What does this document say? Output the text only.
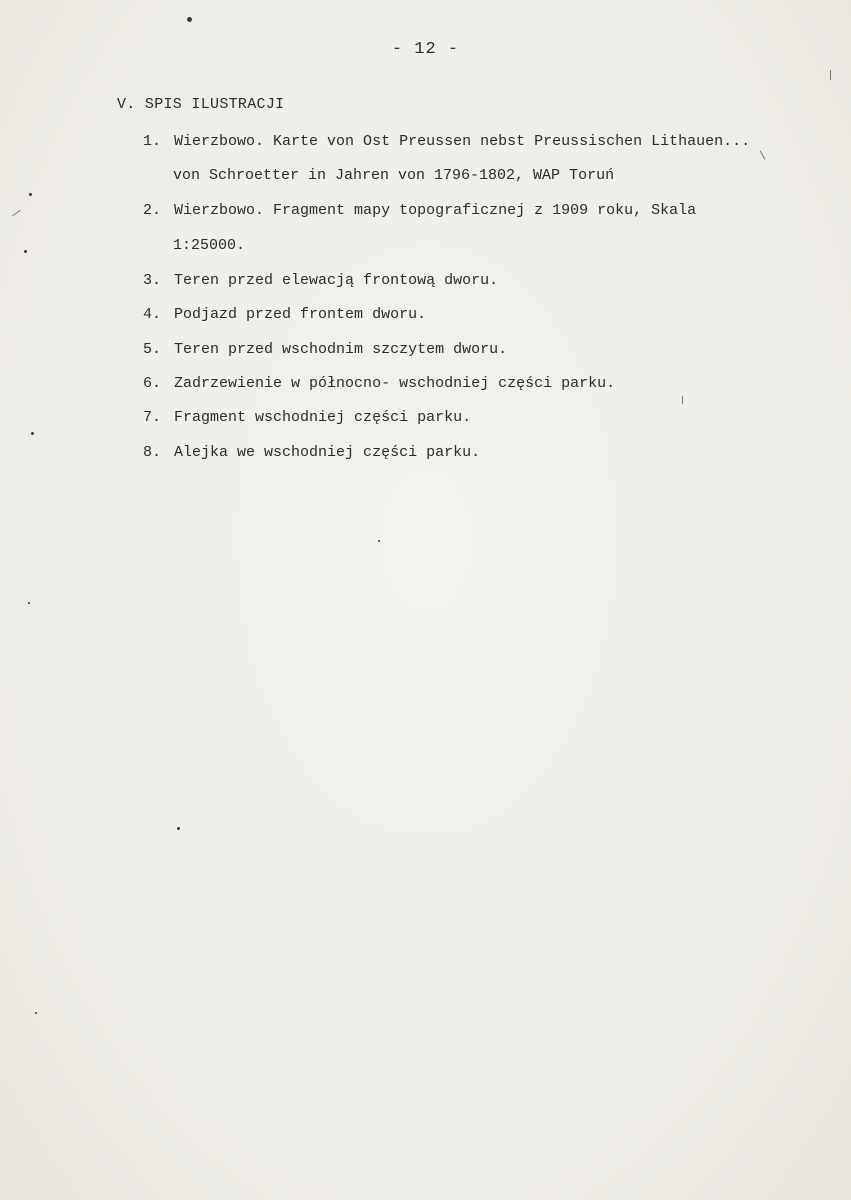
- 12 -
V. SPIS ILUSTRACJI
1. Wierzbowo. Karte von Ost Preussen nebst Preussischen Lithauen...
von Schroetter in Jahren von 1796-1802, WAP Toruń
2. Wierzbowo. Fragment mapy topograficznej z 1909 roku, Skala
1:25000.
3. Teren przed elewacją frontową dworu.
4. Podjazd przed frontem dworu.
5. Teren przed wschodnim szczytem dworu.
6. Zadrzewienie w północno- wschodniej części parku.
7. Fragment wschodniej części parku.
8. Alejka we wschodniej części parku.
